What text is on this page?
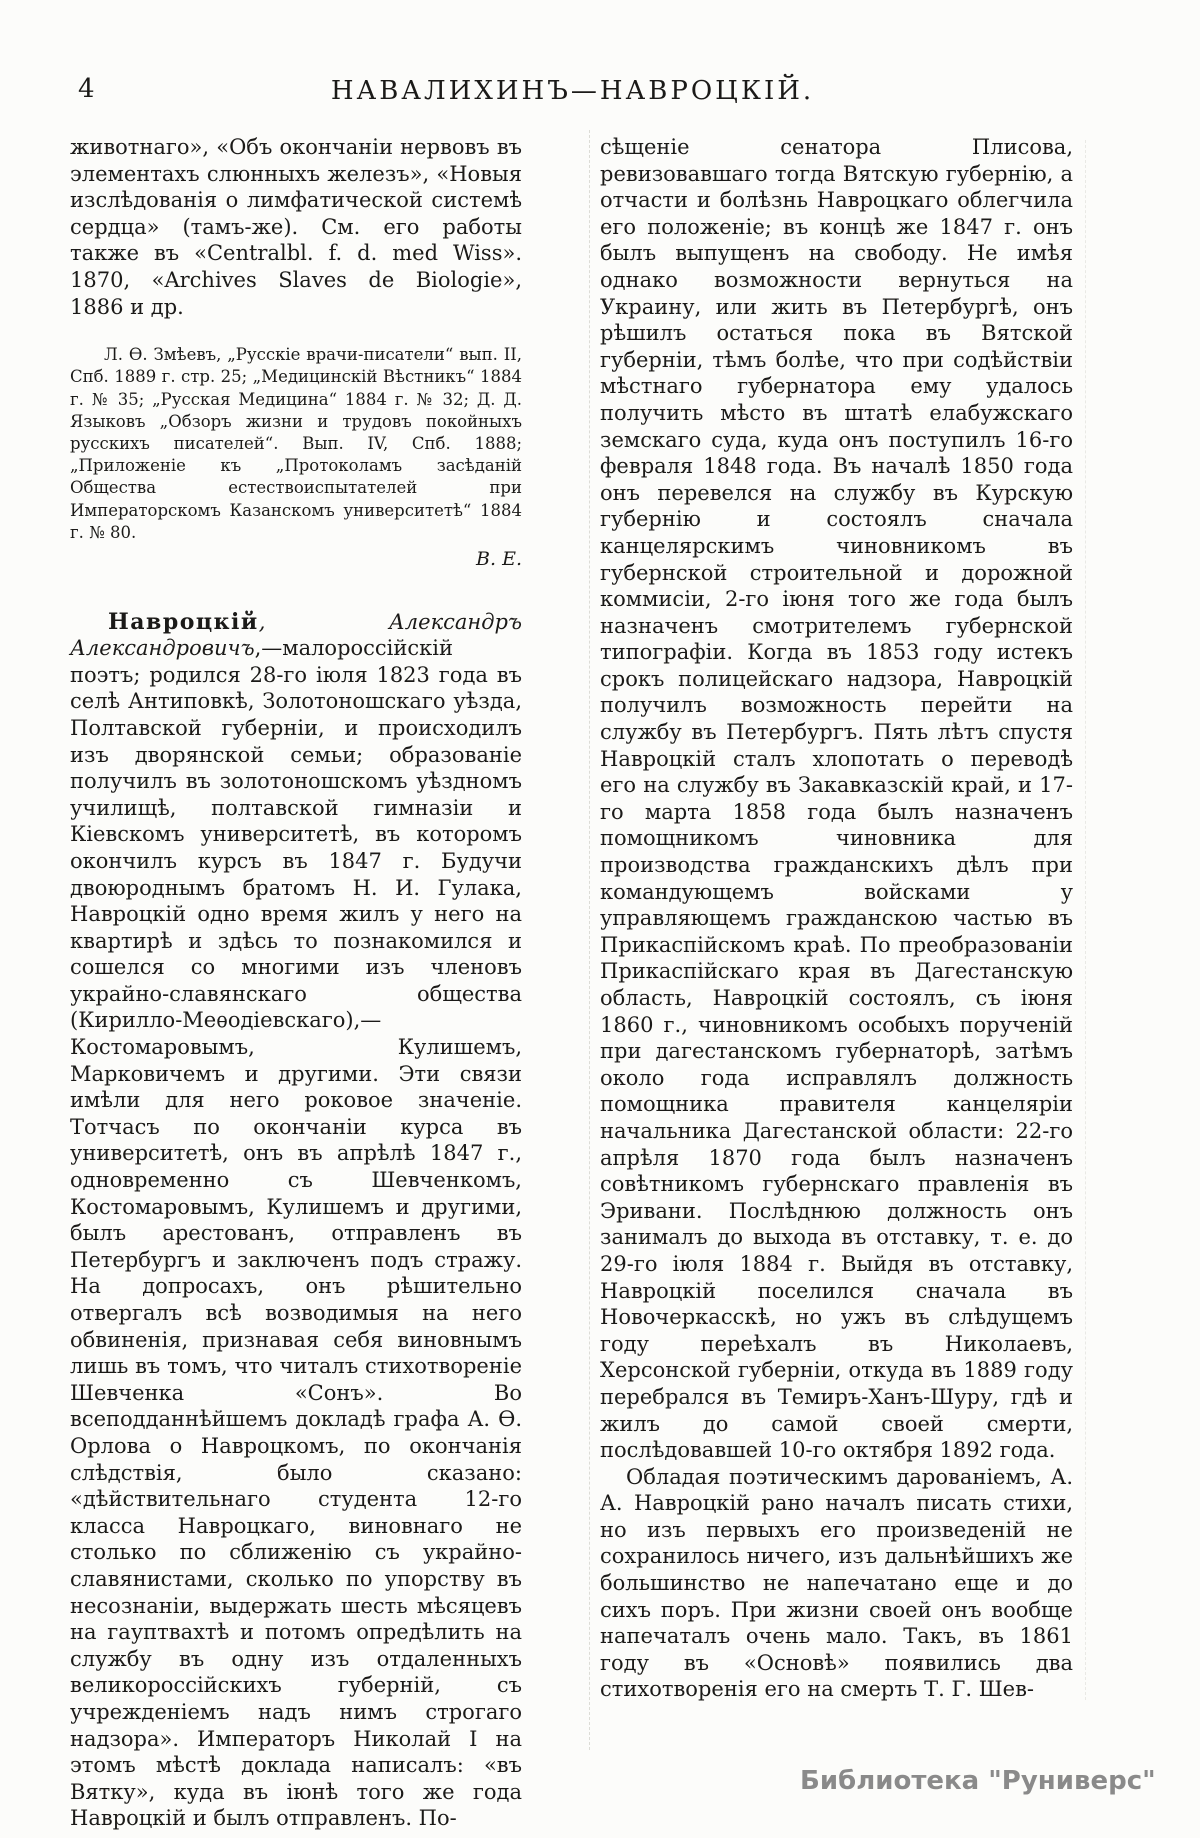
4	НАВАЛИХИНЪ—НАВРОЦКІЙ.

животнаго», «Объ окончаніи нервовъ въ элементахъ слюнныхъ железъ», «Новыя изслѣдованія о лимфатической системѣ сердца» (тамъ-же). См. его работы также въ «Centralbl. f. d. med Wiss». 1870, «Archives Slaves de Biologie», 1886 и др.

Л. Ѳ. Змѣевъ, „Русскіе врачи-писатели“ вып. II, Спб. 1889 г. стр. 25; „Медицинскій Вѣстникъ“ 1884 г. № 35; „Русская Медицина“ 1884 г. № 32; Д. Д. Языковъ „Обзоръ жизни и трудовъ покойныхъ русскихъ писателей“. Вып. IV, Спб. 1888; „Приложеніе къ „Протоколамъ засѣданій Общества естествоиспытателей при Императорскомъ Казанскомъ университетѣ“ 1884 г. № 80.

В. Е.

Навроцкій, Александръ Александровичъ,—малороссійскій поэтъ; родился 28-го іюля 1823 года въ селѣ Антиповкѣ, Золотоношскаго уѣзда, Полтавской губерніи, и происходилъ изъ дворянской семьи; образованіе получилъ въ золотоношскомъ уѣздномъ училищѣ, полтавской гимназіи и Кіевскомъ университетѣ, въ которомъ окончилъ курсъ въ 1847 г. Будучи двоюроднымъ братомъ Н. И. Гулака, Навроцкій одно время жилъ у него на квартирѣ и здѣсь то познакомился и сошелся со многими изъ членовъ украйно-славянскаго общества (Кирилло-Меѳодіевскаго),—Костомаровымъ, Кулишемъ, Марковичемъ и другими. Эти связи имѣли для него роковое значеніе. Тотчасъ по окончаніи курса въ университетѣ, онъ въ апрѣлѣ 1847 г., одновременно съ Шевченкомъ, Костомаровымъ, Кулишемъ и другими, былъ арестованъ, отправленъ въ Петербургъ и заключенъ подъ стражу. На допросахъ, онъ рѣшительно отвергалъ всѣ возводимыя на него обвиненія, признавая себя виновнымъ лишь въ томъ, что читалъ стихотвореніе Шевченка «Сонъ». Во всеподданнѣйшемъ докладѣ графа А. Ѳ. Орлова о Навроцкомъ, по окончанія слѣдствія, было сказано: «дѣйствительнаго студента 12-го класса Навроцкаго, виновнаго не столько по сближенію съ украйно-славянистами, сколько по упорству въ несознаніи, выдержать шесть мѣсяцевъ на гауптвахтѣ и потомъ опредѣлить на службу въ одну изъ отдаленныхъ великороссійскихъ губерній, съ учрежденіемъ надъ нимъ строгаго надзора». Императоръ Николай I на этомъ мѣстѣ доклада написалъ: «въ Вятку», куда въ іюнѣ того же года Навроцкій и былъ отправленъ. По-

сѣщеніе сенатора Плисова, ревизовавшаго тогда Вятскую губернію, а отчасти и болѣзнь Навроцкаго облегчила его положеніе; въ концѣ же 1847 г. онъ былъ выпущенъ на свободу. Не имѣя однако возможности вернуться на Украину, или жить въ Петербургѣ, онъ рѣшилъ остаться пока въ Вятской губерніи, тѣмъ болѣе, что при содѣйствіи мѣстнаго губернатора ему удалось получить мѣсто въ штатѣ елабужскаго земскаго суда, куда онъ поступилъ 16-го февраля 1848 года. Въ началѣ 1850 года онъ перевелся на службу въ Курскую губернію и состоялъ сначала канцелярскимъ чиновникомъ въ губернской строительной и дорожной коммисіи, 2-го іюня того же года былъ назначенъ смотрителемъ губернской типографіи. Когда въ 1853 году истекъ срокъ полицейскаго надзора, Навроцкій получилъ возможность перейти на службу въ Петербургъ. Пять лѣтъ спустя Навроцкій сталъ хлопотать о переводѣ его на службу въ Закавказскій край, и 17-го марта 1858 года былъ назначенъ помощникомъ чиновника для производства гражданскихъ дѣлъ при командующемъ войсками у управляющемъ гражданскою частью въ Прикаспійскомъ краѣ. По преобразованіи Прикаспійскаго края въ Дагестанскую область, Навроцкій состоялъ, съ іюня 1860 г., чиновникомъ особыхъ порученій при дагестанскомъ губернаторѣ, затѣмъ около года исправлялъ должность помощника правителя канцеляріи начальника Дагестанской области: 22-го апрѣля 1870 года былъ назначенъ совѣтникомъ губернскаго правленія въ Эривани. Послѣднюю должность онъ занималъ до выхода въ отставку, т. е. до 29-го іюля 1884 г. Выйдя въ отставку, Навроцкій поселился сначала въ Новочеркасскѣ, но ужъ въ слѣдущемъ году переѣхалъ въ Николаевъ, Херсонской губерніи, откуда въ 1889 году перебрался въ Темиръ-Ханъ-Шуру, гдѣ и жилъ до самой своей смерти, послѣдовавшей 10-го октября 1892 года.

Обладая поэтическимъ дарованіемъ, А. А. Навроцкій рано началъ писать стихи, но изъ первыхъ его произведеній не сохранилось ничего, изъ дальнѣйшихъ же большинство не напечатано еще и до сихъ поръ. При жизни своей онъ вообще напечаталъ очень мало. Такъ, въ 1861 году въ «Основѣ» появились два стихотворенія его на смерть Т. Г. Шев-

Библиотека "Руниверс"
